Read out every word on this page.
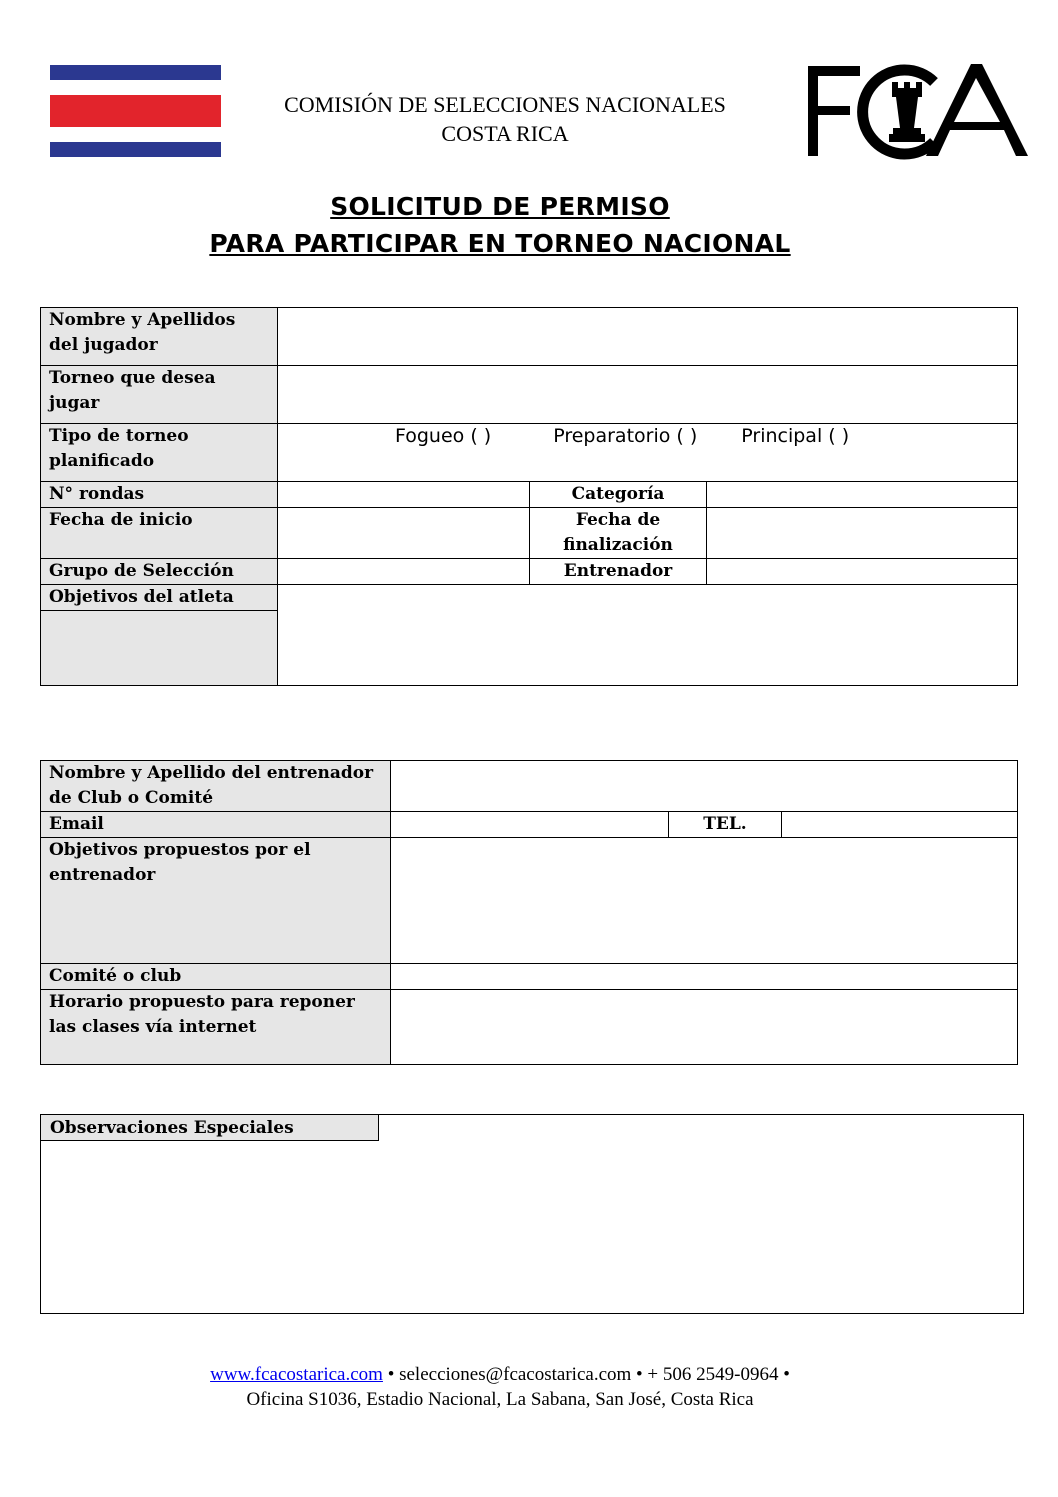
COMISIÓN DE SELECCIONES NACIONALES
COSTA RICA
SOLICITUD DE PERMISO
PARA PARTICIPAR EN TORNEO NACIONAL
Nombre y Apellidos del jugador			
Torneo que desea jugar			
Tipo de torneo planificado	Fogueo ( ) Preparatorio ( ) Principal ( )		
N° rondas		Categoría	
Fecha de inicio		Fecha de finalización	
Grupo de Selección		Entrenador	
Objetivos del atleta			

Nombre y Apellido del entrenador de Club o Comité			
Email		TEL.	
Objetivos propuestos por el entrenador			
Comité o club			
Horario propuesto para reponer las clases vía internet			
Observaciones Especiales
www.fcacostarica.com • selecciones@fcacostarica.com • + 506 2549-0964 •
Oficina S1036, Estadio Nacional, La Sabana, San José, Costa Rica
